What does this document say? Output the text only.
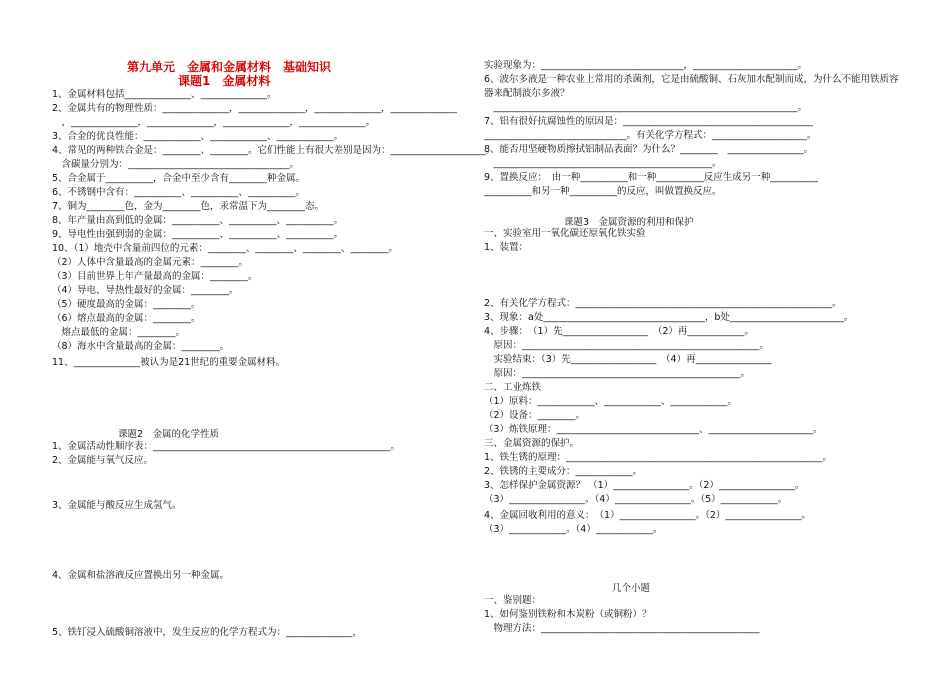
第九单元　金属和金属材料　基础知识
课题1　金属材料
1、金属材料包括______________、______________。
2、金属共有的物理性质：______________，______________，______________，______________
　，______________，______________，______________，______________。
3、合金的优良性能：____________、____________、____________。
4、常见的两种铁合金是：________、________。它们性能上有很大差别是因为：____________________。
　含碳量分别为：__________________________________。
5、合金属于__________，合金中至少含有________种金属。
6、不锈钢中含有：__________、__________、__________。
7、铜为________色，金为________色，汞常温下为________态。
8、年产量由高到低的金属：__________、__________、__________。
9、导电性由强到弱的金属：__________、__________、__________。
10、（1）地壳中含量前四位的元素：________、________、________、________。
（2）人体中含量最高的金属元素：________。
（3）目前世界上年产量最高的金属：________。
（4）导电、导热性最好的金属：________。
（5）硬度最高的金属：________。
（6）熔点最高的金属：________。
　熔点最低的金属：________。
（8）海水中含量最高的金属：________。
11、______________被认为是21世纪的重要金属材料。
课题2　金属的化学性质
1、金属活动性顺序表：__________________________________________________。
2、金属能与氧气反应。
3、金属能与酸反应生成氢气。
4、金属和盐溶液反应置换出另一种金属。
5、铁钉浸入硫酸铜溶液中，发生反应的化学方程式为：______________，
实验现象为：______________________________，______________________。
6、波尔多液是一种农业上常用的杀菌剂，它是由硫酸铜、石灰加水配制而成，为什么不能用铁质容
器来配制波尔多液？
　________________________________________________________________。
7、铝有很好抗腐蚀性的原因是：________________________________________
______________________________。有关化学方程式：____________________。
8、能否用坚硬物质擦拭铝制品表面？为什么？________　________________。
　______________________________________________。
9、置换反应：　由一种__________和一种__________反应生成另一种__________
__________和另一种__________的反应，叫做置换反应。
课题3　金属资源的利用和保护
一、实验室用一氧化碳还原氧化铁实验
1、装置：
2、有关化学方程式：______________________________________________________。
3、现象：a处__________________________________，b处________________________。
4、步骤：　（1）先__________________　（2）再____________。
　原因：__________________________________________________。
　实验结束：（3）先__________________　（4）再________________
　原因：______________________________________________。
二、工业炼铁
（1）原料：____________、____________、____________。
（2）设备：________。
（3）炼铁原理：______________________________、______________________。
三、金属资源的保护。
1、铁生锈的原理：______________________________________________________。
2、铁锈的主要成分：____________。
3、怎样保护金属资源？ （1）________________。（2）________________。
（3）________________。（4）________________。（5）____________。
4、金属回收利用的意义：　（1）________________。（2）________________。
（3）____________。（4）____________。
几个小题
一、鉴别题：
1、如何鉴别铁粉和木炭粉（或铜粉）？
　物理方法：______________________________________________
